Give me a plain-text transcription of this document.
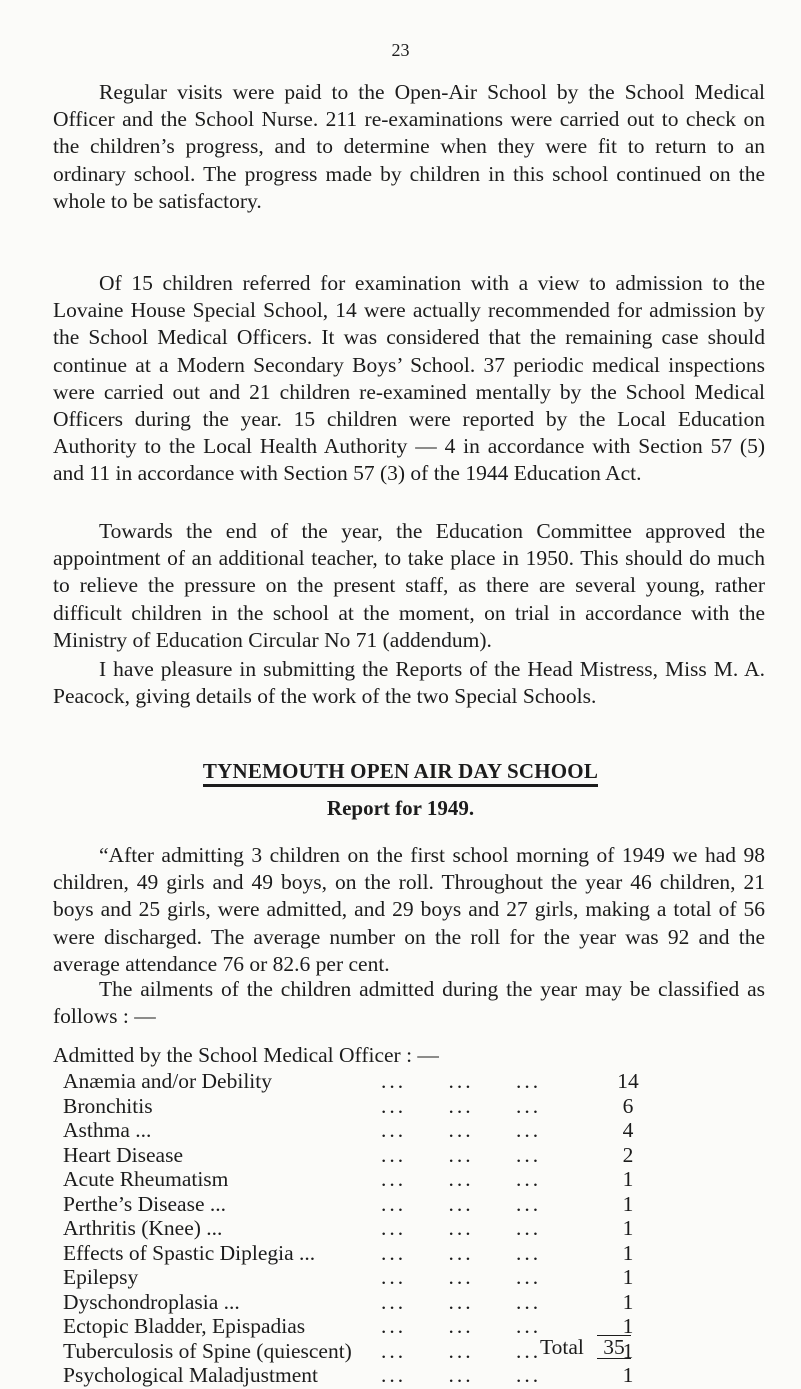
23

Regular visits were paid to the Open-Air School by the School Medical Officer and the School Nurse. 211 re-examinations were carried out to check on the children’s progress, and to determine when they were fit to return to an ordinary school. The progress made by children in this school continued on the whole to be satisfactory.

Of 15 children referred for examination with a view to admission to the Lovaine House Special School, 14 were actually recommended for admission by the School Medical Officers. It was considered that the remaining case should continue at a Modern Secondary Boys’ School. 37 periodic medical inspections were carried out and 21 children re-examined mentally by the School Medical Officers during the year. 15 children were reported by the Local Education Authority to the Local Health Authority — 4 in accordance with Section 57 (5) and 11 in accordance with Section 57 (3) of the 1944 Education Act.

Towards the end of the year, the Education Committee approved the appointment of an additional teacher, to take place in 1950. This should do much to relieve the pressure on the present staff, as there are several young, rather difficult children in the school at the moment, on trial in accordance with the Ministry of Education Circular No 71 (addendum).

I have pleasure in submitting the Reports of the Head Mistress, Miss M. A. Peacock, giving details of the work of the two Special Schools.

TYNEMOUTH OPEN AIR DAY SCHOOL
Report for 1949.

“After admitting 3 children on the first school morning of 1949 we had 98 children, 49 girls and 49 boys, on the roll. Throughout the year 46 children, 21 boys and 25 girls, were admitted, and 29 boys and 27 girls, making a total of 56 were discharged. The average number on the roll for the year was 92 and the average attendance 76 or 82.6 per cent.

The ailments of the children admitted during the year may be classified as follows : —

Admitted by the School Medical Officer : —
Anæmia and/or Debility	... ... ...	14
Bronchitis	... ... ...	6
Asthma ...	... ... ...	4
Heart Disease	... ... ...	2
Acute Rheumatism	... ... ...	1
Perthe’s Disease ...	... ... ...	1
Arthritis (Knee) ...	... ... ...	1
Effects of Spastic Diplegia ...	... ... ...	1
Epilepsy	... ... ...	1
Dyschondroplasia ...	... ... ...	1
Ectopic Bladder, Epispadias	... ... ...	1
Tuberculosis of Spine (quiescent) ... ... ...	1
Psychological Maladjustment	... ... ...	1
Total 35
